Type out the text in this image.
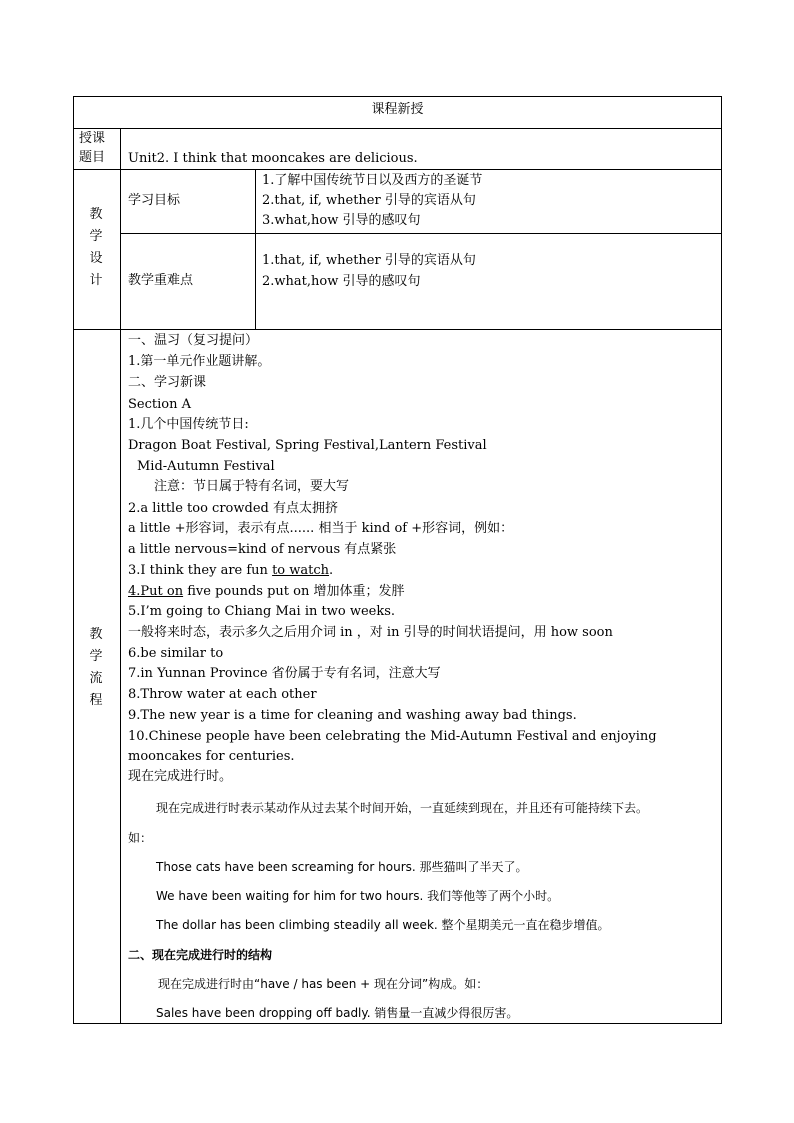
课程新授
授课
题目 Unit2. I think that mooncakes are delicious.
教学设计
学习目标
1.了解中国传统节日以及西方的圣诞节
2.that, if, whether 引导的宾语从句
3.what,how 引导的感叹句
教学重难点
1.that, if, whether 引导的宾语从句
2.what,how 引导的感叹句
教学流程
一、温习（复习提问）
1.第一单元作业题讲解。
二、学习新课
Section A
1.几个中国传统节日:
Dragon Boat Festival, Spring Festival,Lantern Festival
Mid-Autumn Festival
注意：节日属于特有名词，要大写
2.a little too crowded 有点太拥挤
a little +形容词，表示有点...... 相当于 kind of +形容词，例如：
a little nervous=kind of nervous 有点紧张
3.I think they are fun to watch.
4.Put on five pounds put on 增加体重；发胖
5.I’m going to Chiang Mai in two weeks.
一般将来时态，表示多久之后用介词 in ，对 in 引导的时间状语提问，用 how soon
6.be similar to
7.in Yunnan Province 省份属于专有名词，注意大写
8.Throw water at each other
9.The new year is a time for cleaning and washing away bad things.
10.Chinese people have been celebrating the Mid-Autumn Festival and enjoying
mooncakes for centuries.
现在完成进行时。
现在完成进行时表示某动作从过去某个时间开始，一直延续到现在，并且还有可能持续下去。
如：
Those cats have been screaming for hours. 那些猫叫了半天了。
We have been waiting for him for two hours. 我们等他等了两个小时。
The dollar has been climbing steadily all week. 整个星期美元一直在稳步增值。
二、现在完成进行时的结构
现在完成进行时由“have / has been + 现在分词”构成。如：
Sales have been dropping off badly. 销售量一直减少得很厉害。
